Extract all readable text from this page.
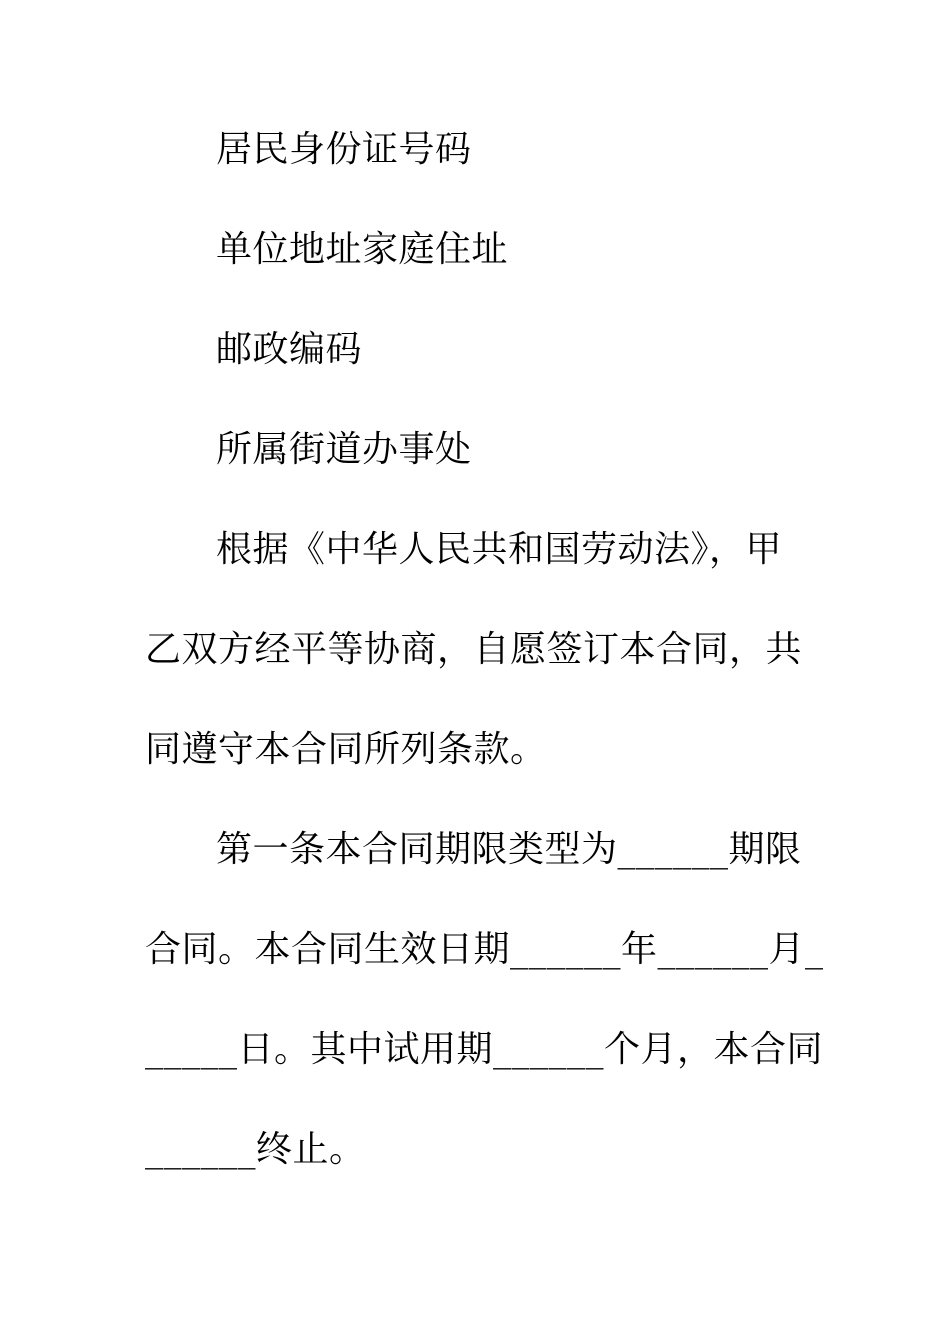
居民身份证号码
单位地址家庭住址
邮政编码
所属街道办事处
根据《中华人民共和国劳动法》，甲
乙双方经平等协商，自愿签订本合同，共
同遵守本合同所列条款。
第一条本合同期限类型为______期限
合同。本合同生效日期______年______月_
_____日。其中试用期______个月，本合同
______终止。
